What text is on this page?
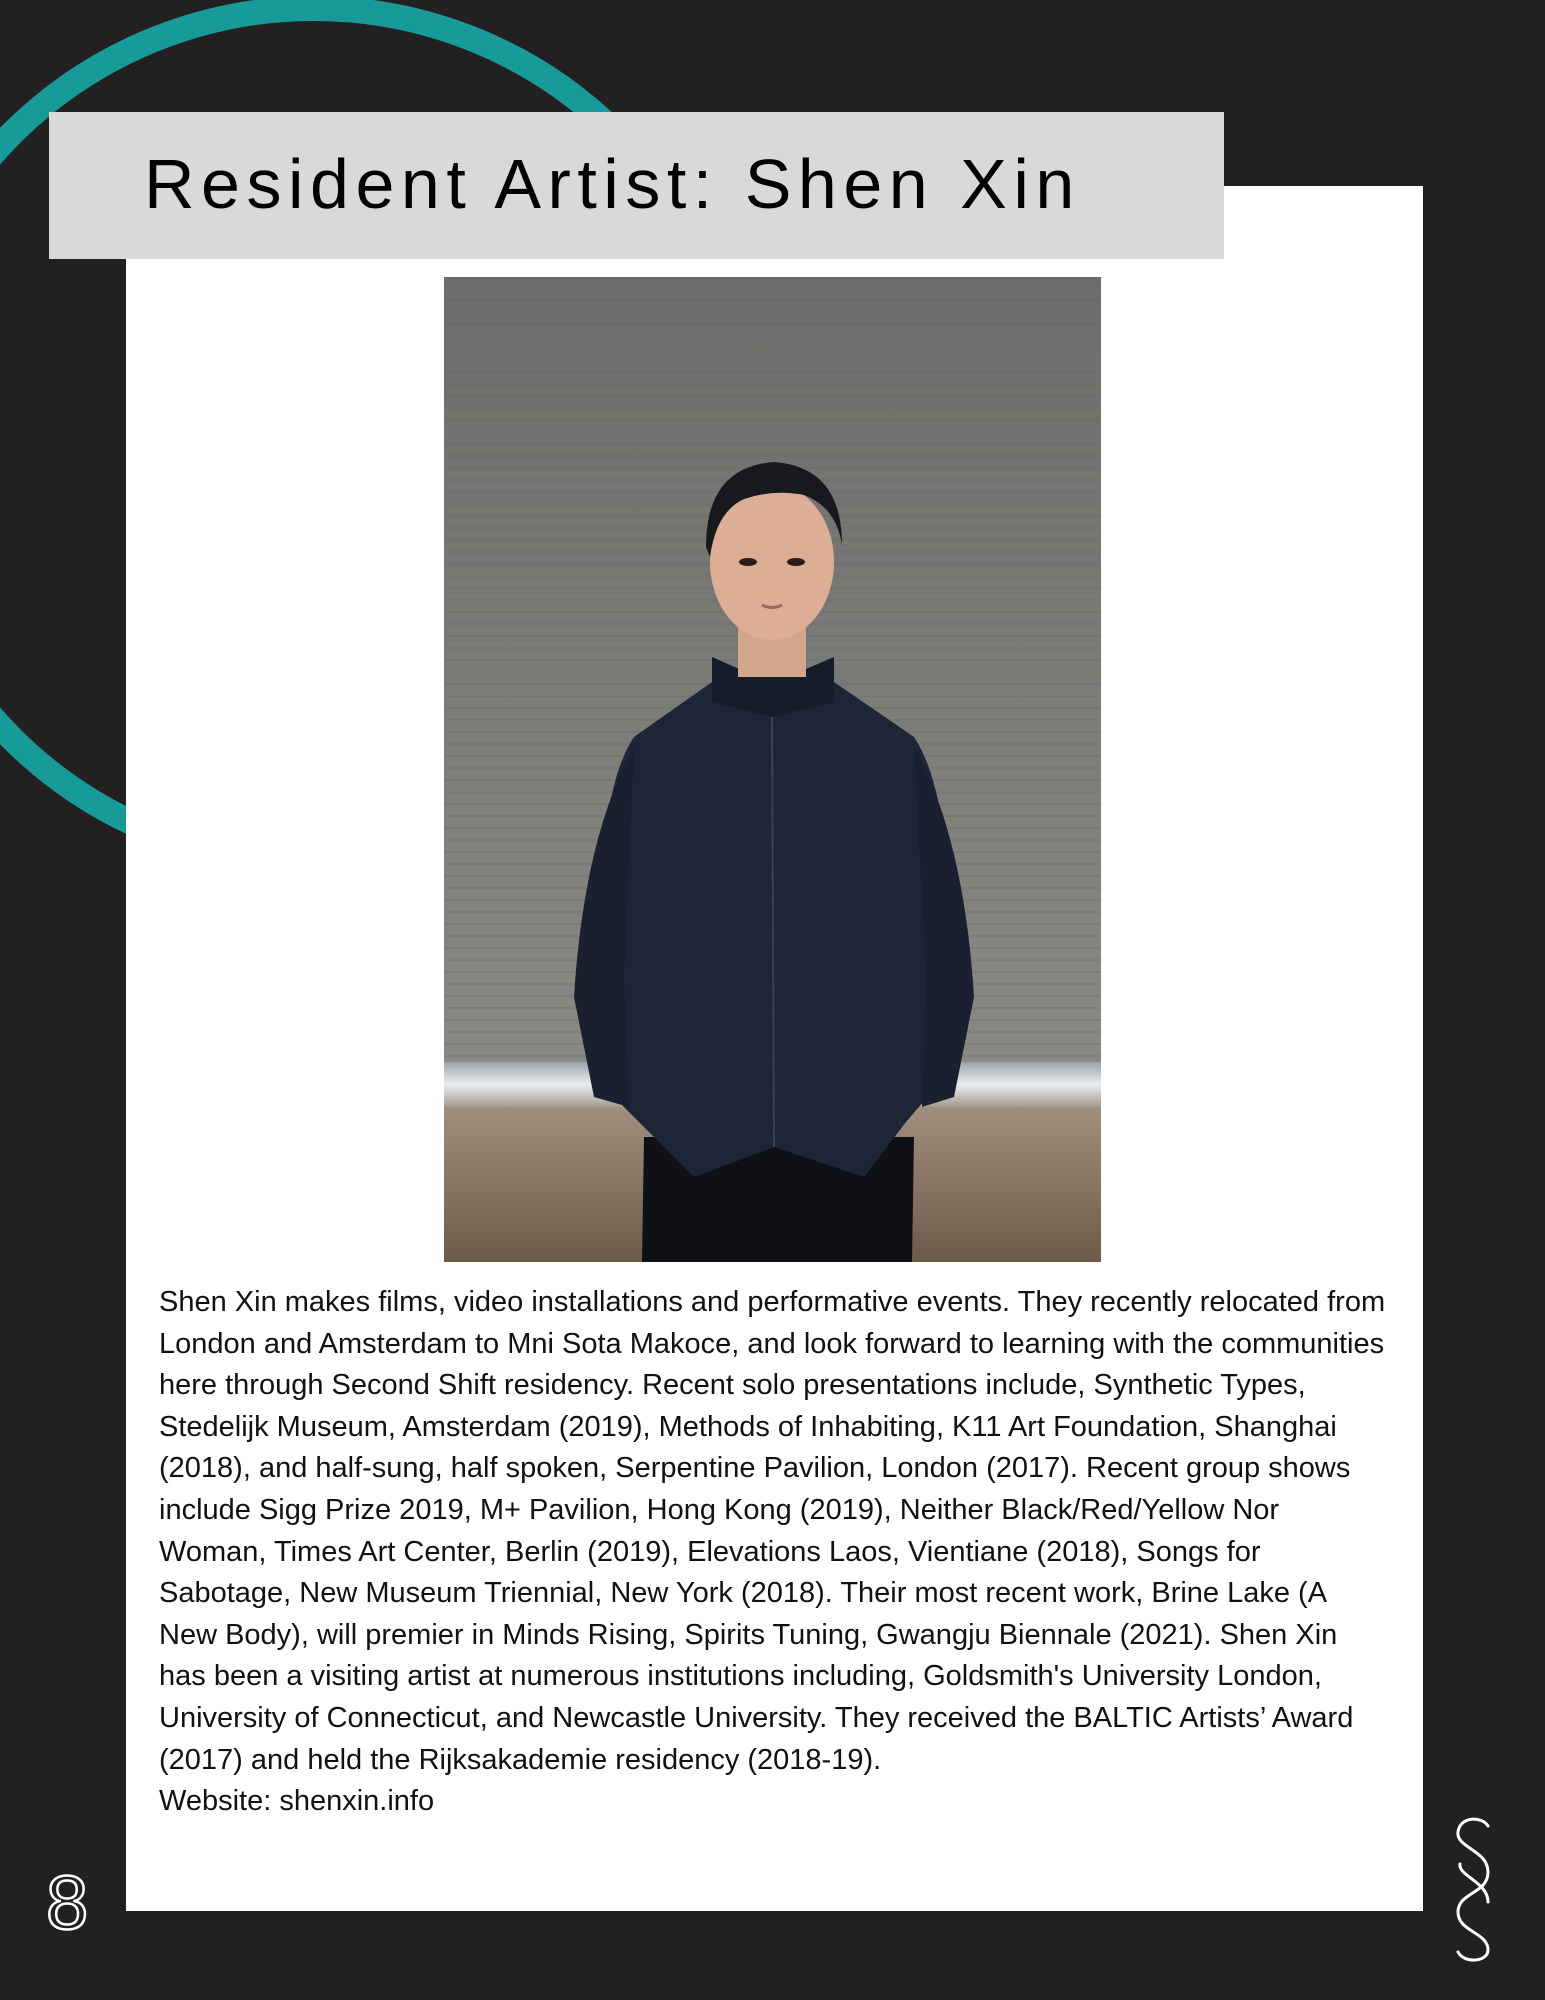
Resident Artist: Shen Xin

Shen Xin makes films, video installations and performative events. They recently relocated from London and Amsterdam to Mni Sota Makoce, and look forward to learning with the communities here through Second Shift residency. Recent solo presentations include, Synthetic Types, Stedelijk Museum, Amsterdam (2019), Methods of Inhabiting, K11 Art Foundation, Shanghai (2018), and half-sung, half spoken, Serpentine Pavilion, London (2017). Recent group shows include Sigg Prize 2019, M+ Pavilion, Hong Kong (2019), Neither Black/Red/Yellow Nor Woman, Times Art Center, Berlin (2019), Elevations Laos, Vientiane (2018), Songs for Sabotage, New Museum Triennial, New York (2018). Their most recent work, Brine Lake (A New Body), will premier in Minds Rising, Spirits Tuning, Gwangju Biennale (2021). Shen Xin has been a visiting artist at numerous institutions including, Goldsmith's University London, University of Connecticut, and Newcastle University. They received the BALTIC Artists’ Award (2017) and held the Rijksakademie residency (2018-19).

Website: shenxin.info

8
